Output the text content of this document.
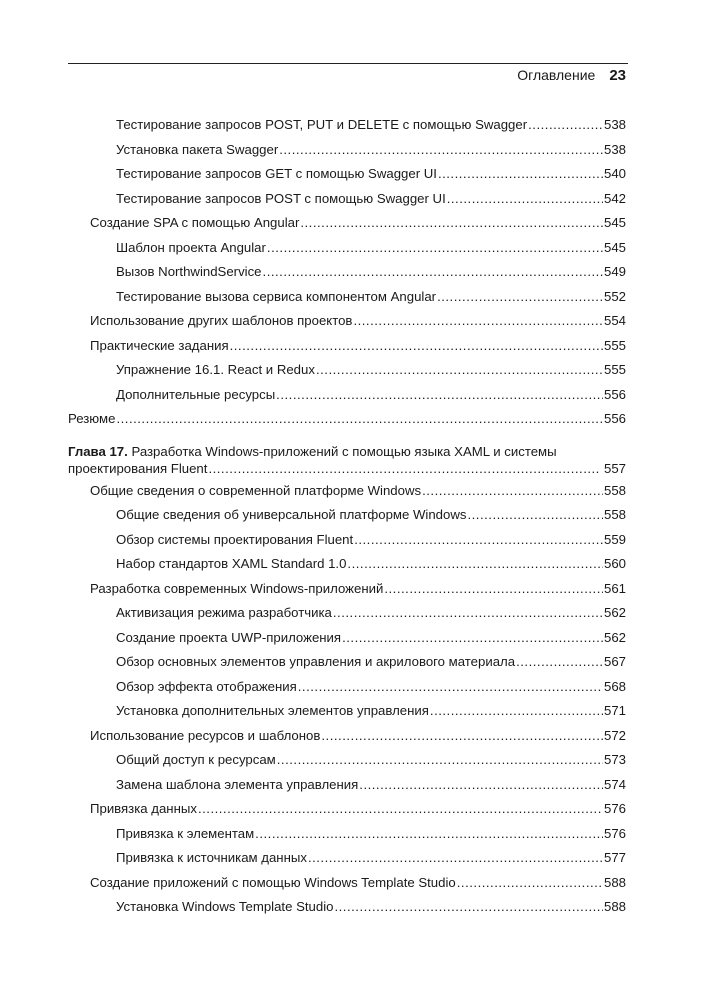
Оглавление 23
Тестирование запросов POST, PUT и DELETE с помощью Swagger .....	538
Установка пакета Swagger .....	538
Тестирование запросов GET с помощью Swagger UI .....	540
Тестирование запросов POST с помощью Swagger UI .....	542
Создание SPA с помощью Angular .....	545
Шаблон проекта Angular .....	545
Вызов NorthwindService .....	549
Тестирование вызова сервиса компонентом Angular .....	552
Использование других шаблонов проектов .....	554
Практические задания .....	555
Упражнение 16.1. React и Redux .....	555
Дополнительные ресурсы .....	556
Резюме .....	556
Глава 17. Разработка Windows-приложений с помощью языка XAML и системы
проектирования Fluent .....	557
Общие сведения о современной платформе Windows .....	558
Общие сведения об универсальной платформе Windows .....	558
Обзор системы проектирования Fluent .....	559
Набор стандартов XAML Standard 1.0 .....	560
Разработка современных Windows-приложений .....	561
Активизация режима разработчика .....	562
Создание проекта UWP-приложения .....	562
Обзор основных элементов управления и акрилового материала .....	567
Обзор эффекта отображения .....	568
Установка дополнительных элементов управления .....	571
Использование ресурсов и шаблонов .....	572
Общий доступ к ресурсам .....	573
Замена шаблона элемента управления .....	574
Привязка данных .....	576
Привязка к элементам .....	576
Привязка к источникам данных .....	577
Создание приложений с помощью Windows Template Studio .....	588
Установка Windows Template Studio .....	588
